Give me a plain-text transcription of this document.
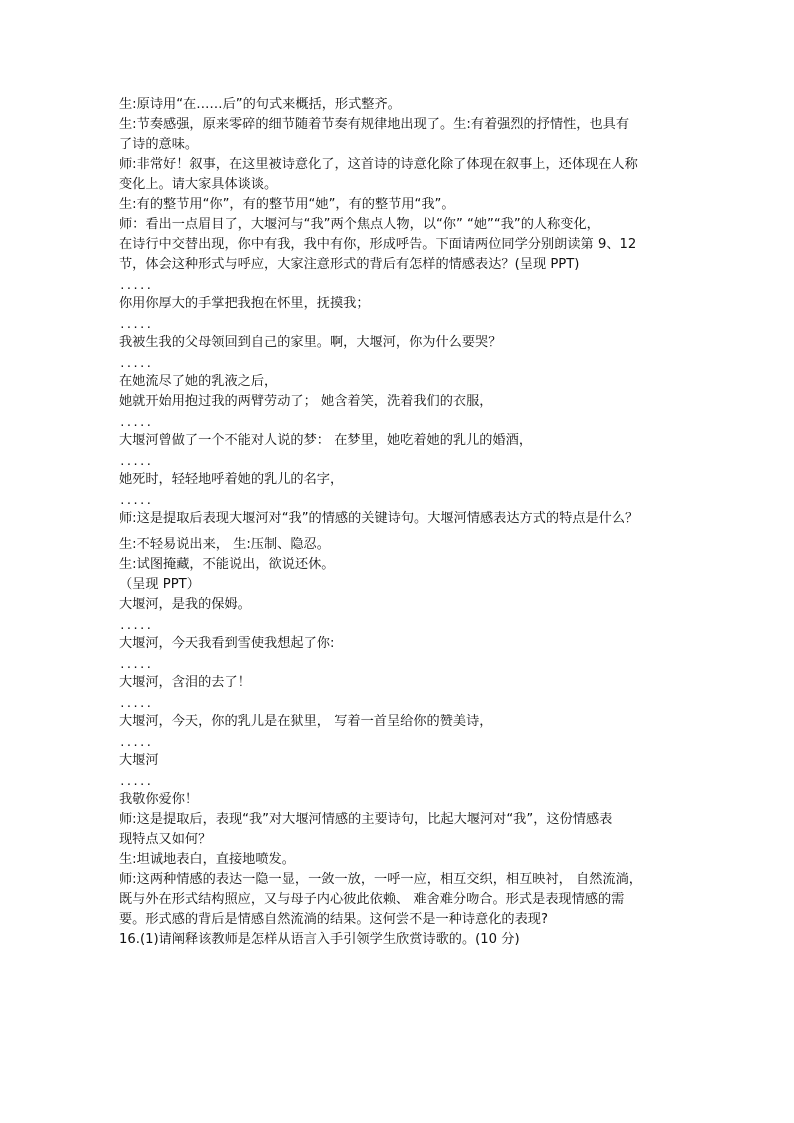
生:原诗用“在……后”的句式来概括，形式整齐。
生:节奏感强，原来零碎的细节随着节奏有规律地出现了。生:有着强烈的抒情性，也具有
了诗的意味。
师:非常好！叙事，在这里被诗意化了，这首诗的诗意化除了体现在叙事上，还体现在人称
变化上。请大家具体谈谈。
生:有的整节用“你”，有的整节用“她”，有的整节用“我”。
师：看出一点眉目了，大堰河与“我”两个焦点人物，以“你” “她”“我”的人称变化，
在诗行中交替出现，你中有我，我中有你，形成呼告。下面请两位同学分别朗读第 9、12
节，体会这种形式与呼应，大家注意形式的背后有怎样的情感表达？(呈现 PPT)
.....
你用你厚大的手掌把我抱在怀里，抚摸我；
.....
我被生我的父母领回到自己的家里。啊，大堰河，你为什么要哭？
.....
在她流尽了她的乳液之后，
她就开始用抱过我的两臂劳动了； 她含着笑，洗着我们的衣服，
.....
大堰河曾做了一个不能对人说的梦： 在梦里，她吃着她的乳儿的婚酒，
.....
她死时，轻轻地呼着她的乳儿的名字，
.....
师:这是提取后表现大堰河对“我”的情感的关键诗句。大堰河情感表达方式的特点是什么？
生:不轻易说出来， 生:压制、隐忍。
生:试图掩藏，不能说出，欲说还休。
（呈现 PPT）
大堰河，是我的保姆。
.....
大堰河，今天我看到雪使我想起了你:
.....
大堰河，含泪的去了！
.....
大堰河，今天，你的乳儿是在狱里， 写着一首呈给你的赞美诗，
.....
大堰河
.....
我敬你爱你！
师:这是提取后，表现“我”对大堰河情感的主要诗句，比起大堰河对“我”，这份情感表
现特点又如何？
生:坦诚地表白，直接地喷发。
师:这两种情感的表达一隐一显，一敛一放，一呼一应，相互交织，相互映衬， 自然流淌，
既与外在形式结构照应，又与母子内心彼此依赖、 难舍难分吻合。形式是表现情感的需
要。形式感的背后是情感自然流淌的结果。这何尝不是一种诗意化的表现?
16.(1)请阐释该教师是怎样从语言入手引领学生欣赏诗歌的。(10 分)
